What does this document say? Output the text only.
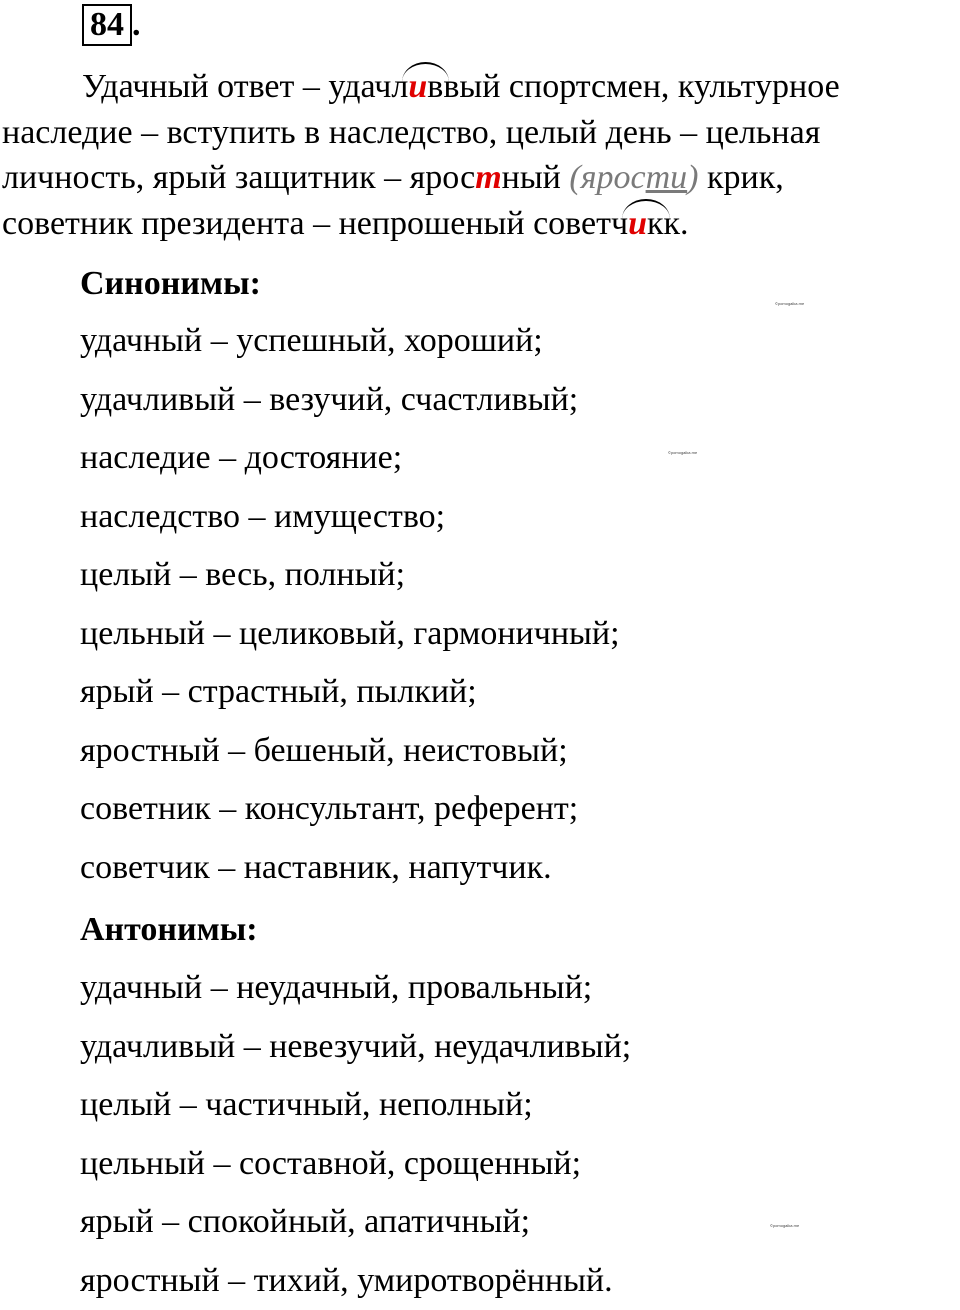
84 .
Удачный ответ – удачливвый спортсмен, культурное
наследие – вступить в наследство, целый день – цельная
личность, ярый защитник – яростный (ярости) крик,
советник президента – непрошеный советчикк.
Синонимы:
удачный – успешный, хороший;
удачливый – везучий, счастливый;
наследие – достояние;
наследство – имущество;
целый – весь, полный;
цельный – целиковый, гармоничный;
ярый – страстный, пылкий;
яростный – бешеный, неистовый;
советник – консультант, референт;
советчик – наставник, напутчик.
Антонимы:
удачный – неудачный, провальный;
удачливый – невезучий, неудачливый;
целый – частичный, неполный;
цельный – составной, срощенный;
ярый – спокойный, апатичный;
яростный – тихий, умиротворённый.
©pomogalka.me
©pomogalka.me
©pomogalka.me
